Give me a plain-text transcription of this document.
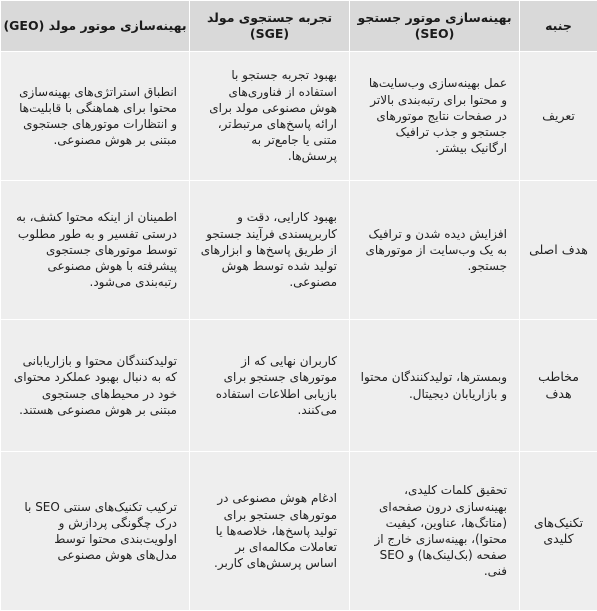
جنبه	بهینه‌سازی موتور جستجو (SEO)	تجربه جستجوی مولد (SGE)	بهینه‌سازی موتور مولد (GEO)
تعریف	عمل بهینه‌سازی وب‌سایت‌ها و محتوا برای رتبه‌بندی بالاتر در صفحات نتایج موتورهای جستجو و جذب ترافیک ارگانیک بیشتر.	بهبود تجربه جستجو با استفاده از فناوری‌های هوش مصنوعی مولد برای ارائه پاسخ‌های مرتبط‌تر، متنی یا جامع‌تر به پرسش‌ها.	انطباق استراتژی‌های بهینه‌سازی محتوا برای هماهنگی با قابلیت‌ها و انتظارات موتورهای جستجوی مبتنی بر هوش مصنوعی.
هدف اصلی	افزایش دیده شدن و ترافیک به یک وب‌سایت از موتورهای جستجو.	بهبود کارایی، دقت و کاربرپسندی فرآیند جستجو از طریق پاسخ‌ها و ابزارهای تولید شده توسط هوش مصنوعی.	اطمینان از اینکه محتوا کشف، به درستی تفسیر و به طور مطلوب توسط موتورهای جستجوی پیشرفته با هوش مصنوعی رتبه‌بندی می‌شود.
مخاطب هدف	وبمسترها، تولیدکنندگان محتوا و بازاریابان دیجیتال.	کاربران نهایی که از موتورهای جستجو برای بازیابی اطلاعات استفاده می‌کنند.	تولیدکنندگان محتوا و بازاریابانی که به دنبال بهبود عملکرد محتوای خود در محیط‌های جستجوی مبتنی بر هوش مصنوعی هستند.
تکنیک‌های کلیدی	تحقیق کلمات کلیدی، بهینه‌سازی درون صفحه‌ای (متاتگ‌ها، عناوین، کیفیت محتوا)، بهینه‌سازی خارج از صفحه (بک‌لینک‌ها) و SEO فنی.	ادغام هوش مصنوعی در موتورهای جستجو برای تولید پاسخ‌ها، خلاصه‌ها یا تعاملات مکالمه‌ای بر اساس پرسش‌های کاربر.	ترکیب تکنیک‌های سنتی SEO با درک چگونگی پردازش و اولویت‌بندی محتوا توسط مدل‌های هوش مصنوعی
